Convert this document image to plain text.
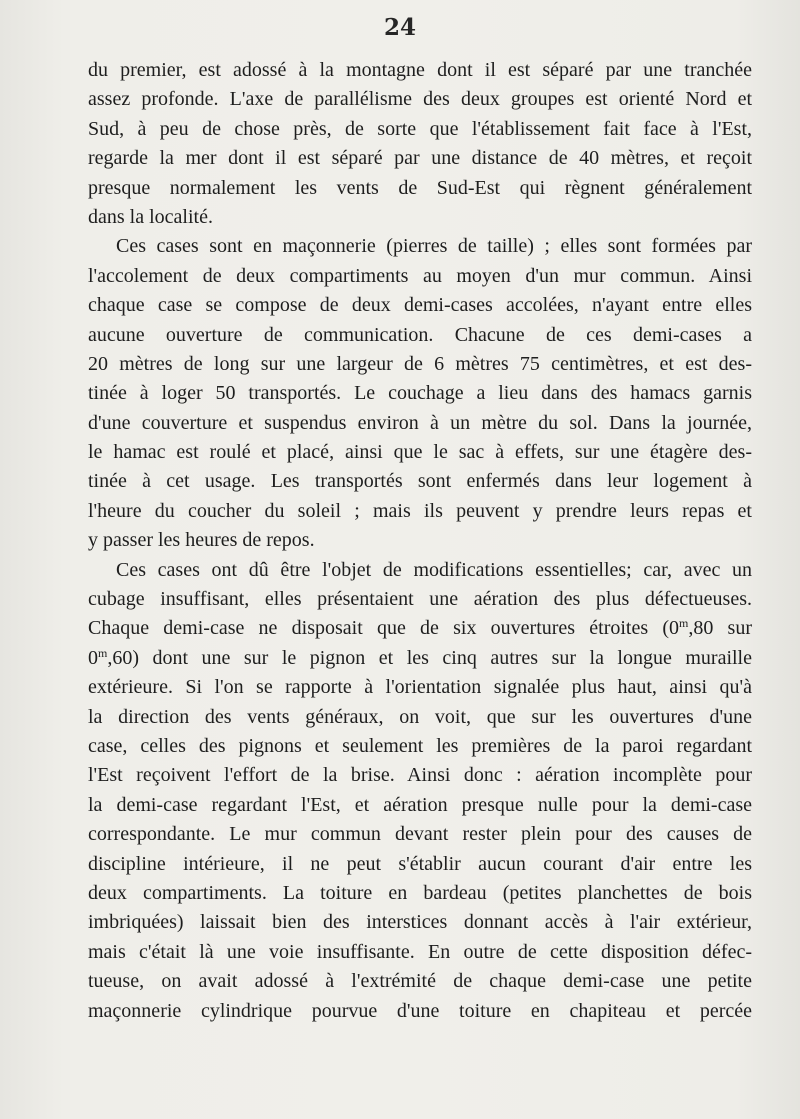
24
du premier, est adossé à la montagne dont il est séparé par une tranchée
assez profonde. L'axe de parallélisme des deux groupes est orienté Nord et
Sud, à peu de chose près, de sorte que l'établissement fait face à l'Est,
regarde la mer dont il est séparé par une distance de 40 mètres, et reçoit
presque normalement les vents de Sud-Est qui règnent généralement
dans la localité.
Ces cases sont en maçonnerie (pierres de taille) ; elles sont formées par
l'accolement de deux compartiments au moyen d'un mur commun. Ainsi
chaque case se compose de deux demi-cases accolées, n'ayant entre elles
aucune ouverture de communication. Chacune de ces demi-cases a
20 mètres de long sur une largeur de 6 mètres 75 centimètres, et est des-
tinée à loger 50 transportés. Le couchage a lieu dans des hamacs garnis
d'une couverture et suspendus environ à un mètre du sol. Dans la journée,
le hamac est roulé et placé, ainsi que le sac à effets, sur une étagère des-
tinée à cet usage. Les transportés sont enfermés dans leur logement à
l'heure du coucher du soleil ; mais ils peuvent y prendre leurs repas et
y passer les heures de repos.
Ces cases ont dû être l'objet de modifications essentielles; car, avec un
cubage insuffisant, elles présentaient une aération des plus défectueuses.
Chaque demi-case ne disposait que de six ouvertures étroites (0$^m$,80 sur
0$^m$,60) dont une sur le pignon et les cinq autres sur la longue muraille
extérieure. Si l'on se rapporte à l'orientation signalée plus haut, ainsi qu'à
la direction des vents généraux, on voit, que sur les ouvertures d'une
case, celles des pignons et seulement les premières de la paroi regardant
l'Est reçoivent l'effort de la brise. Ainsi donc : aération incomplète pour
la demi-case regardant l'Est, et aération presque nulle pour la demi-case
correspondante. Le mur commun devant rester plein pour des causes de
discipline intérieure, il ne peut s'établir aucun courant d'air entre les
deux compartiments. La toiture en bardeau (petites planchettes de bois
imbriquées) laissait bien des interstices donnant accès à l'air extérieur,
mais c'était là une voie insuffisante. En outre de cette disposition défec-
tueuse, on avait adossé à l'extrémité de chaque demi-case une petite
maçonnerie cylindrique pourvue d'une toiture en chapiteau et percée
